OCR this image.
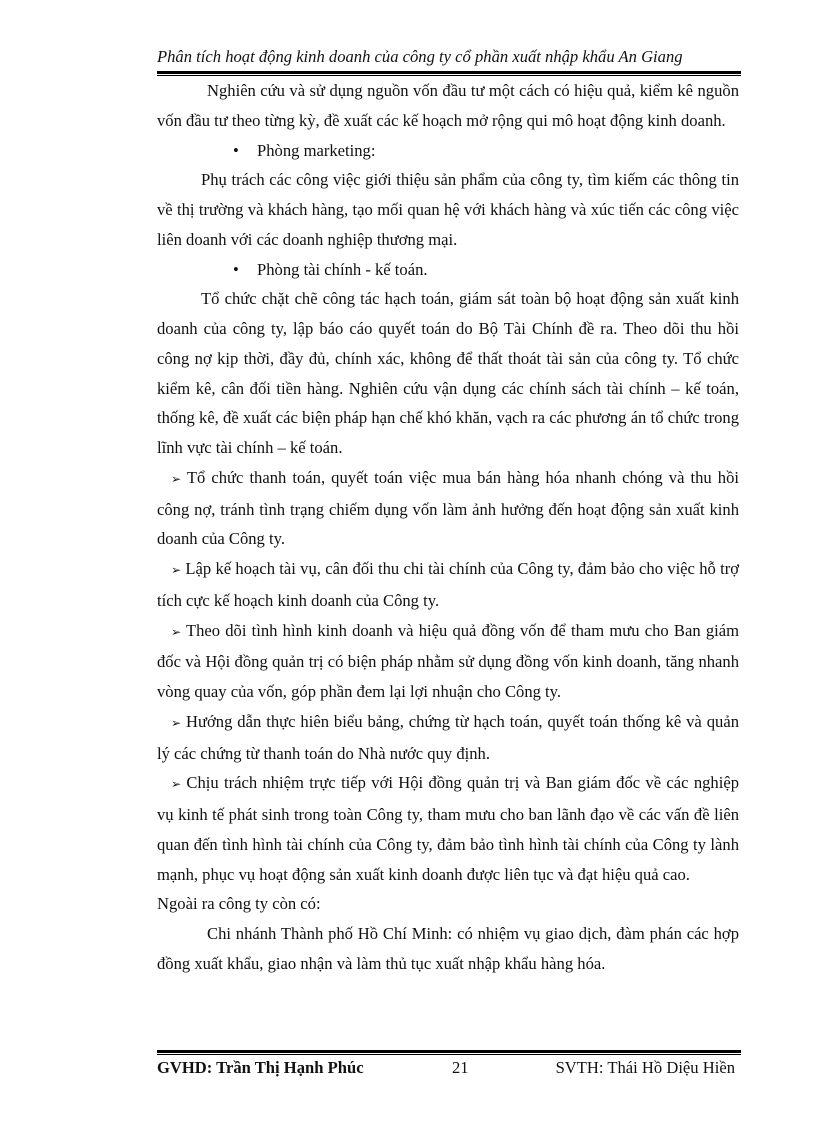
Phân tích hoạt động kinh doanh của công ty cổ phần xuất nhập khẩu An Giang

Nghiên cứu và sử dụng nguồn vốn đầu tư một cách có hiệu quả, kiểm kê nguồn vốn đầu tư theo từng kỳ, đề xuất các kế hoạch mở rộng qui mô hoạt động kinh doanh.

• Phòng marketing:

Phụ trách các công việc giới thiệu sản phẩm của công ty, tìm kiếm các thông tin về thị trường và khách hàng, tạo mối quan hệ với khách hàng và xúc tiến các công việc liên doanh với các doanh nghiệp thương mại.

• Phòng tài chính - kế toán.

Tổ chức chặt chẽ công tác hạch toán, giám sát toàn bộ hoạt động sản xuất kinh doanh của công ty, lập báo cáo quyết toán do Bộ Tài Chính đề ra. Theo dõi thu hồi công nợ kịp thời, đầy đủ, chính xác, không để thất thoát tài sản của công ty. Tổ chức kiểm kê, cân đối tiền hàng. Nghiên cứu vận dụng các chính sách tài chính – kế toán, thống kê, đề xuất các biện pháp hạn chế khó khăn, vạch ra các phương án tổ chức trong lĩnh vực tài chính – kế toán.

➢ Tổ chức thanh toán, quyết toán việc mua bán hàng hóa nhanh chóng và thu hồi công nợ, tránh tình trạng chiếm dụng vốn làm ảnh hưởng đến hoạt động sản xuất kinh doanh của Công ty.

➢ Lập kế hoạch tài vụ, cân đối thu chi tài chính của Công ty, đảm bảo cho việc hỗ trợ tích cực kế hoạch kinh doanh của Công ty.

➢ Theo dõi tình hình kinh doanh và hiệu quả đồng vốn để tham mưu cho Ban giám đốc và Hội đồng quản trị có biện pháp nhằm sử dụng đồng vốn kinh doanh, tăng nhanh vòng quay của vốn, góp phần đem lại lợi nhuận cho Công ty.

➢ Hướng dẫn thực hiên biểu bảng, chứng từ hạch toán, quyết toán thống kê và quản lý các chứng từ thanh toán do Nhà nước quy định.

➢ Chịu trách nhiệm trực tiếp với Hội đồng quản trị và Ban giám đốc về các nghiệp vụ kinh tế phát sinh trong toàn Công ty, tham mưu cho ban lãnh đạo về các vấn đề liên quan đến tình hình tài chính của Công ty, đảm bảo tình hình tài chính của Công ty lành mạnh, phục vụ hoạt động sản xuất kinh doanh được liên tục và đạt hiệu quả cao.

Ngoài ra công ty còn có:

Chi nhánh Thành phố Hồ Chí Minh: có nhiệm vụ giao dịch, đàm phán các hợp đồng xuất khẩu, giao nhận và làm thủ tục xuất nhập khẩu hàng hóa.

GVHD: Trần Thị Hạnh Phúc	21	SVTH: Thái Hồ Diệu Hiền
